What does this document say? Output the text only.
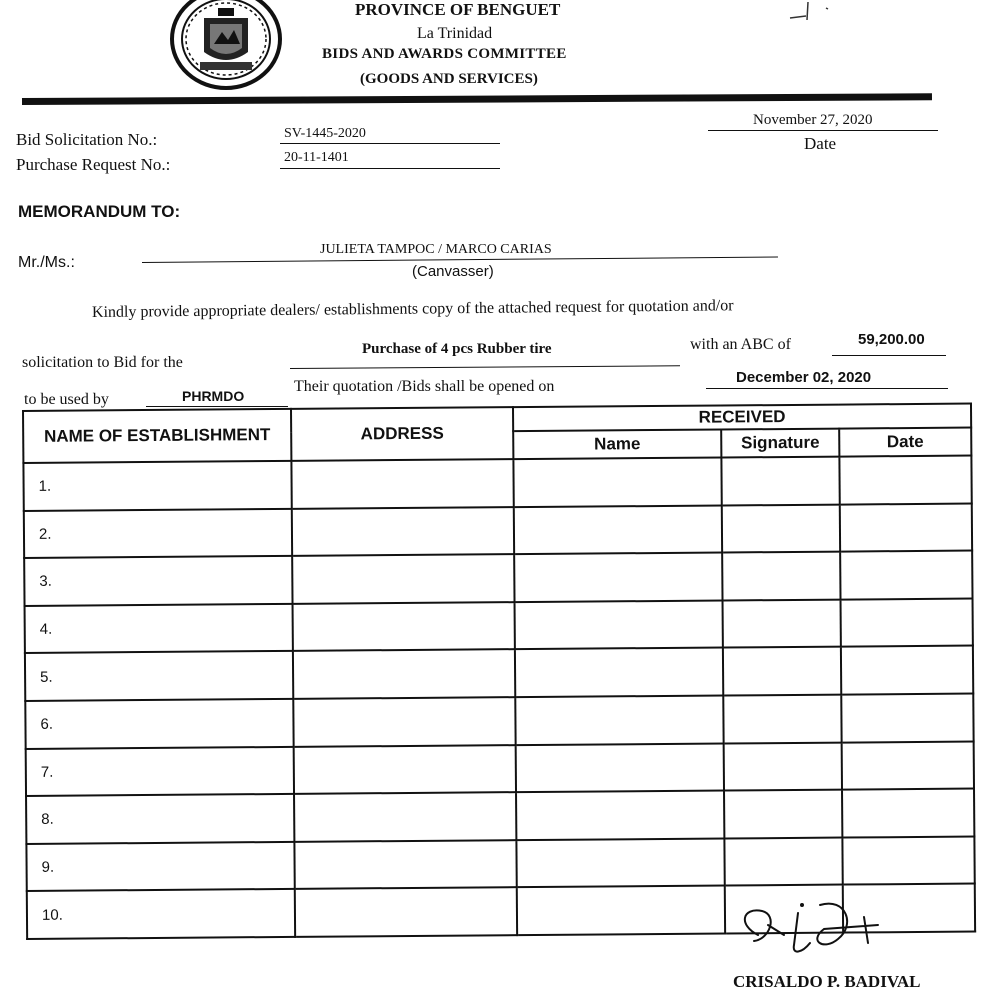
PROVINCE OF BENGUET
La Trinidad
BIDS AND AWARDS COMMITTEE
(GOODS AND SERVICES)
Bid Solicitation No.:	SV-1445-2020
Purchase Request No.:	20-11-1401
November 27, 2020
Date
MEMORANDUM TO:
Mr./Ms.:
JULIETA TAMPOC / MARCO CARIAS
(Canvasser)
Kindly provide appropriate dealers/ establishments copy of the attached request for quotation and/or
solicitation to Bid for the
Purchase of 4 pcs Rubber tire	with an ABC of	59,200.00
to be used by	PHRMDO
Their quotation /Bids shall be opened on
December 02, 2020
NAME OF ESTABLISHMENT	ADDRESS	RECEIVED		
		Name	Signature	Date
1.				
2.				
3.				
4.				
5.				
6.				
7.				
8.				
9.				
10.				
CRISALDO P. BADIVAL
